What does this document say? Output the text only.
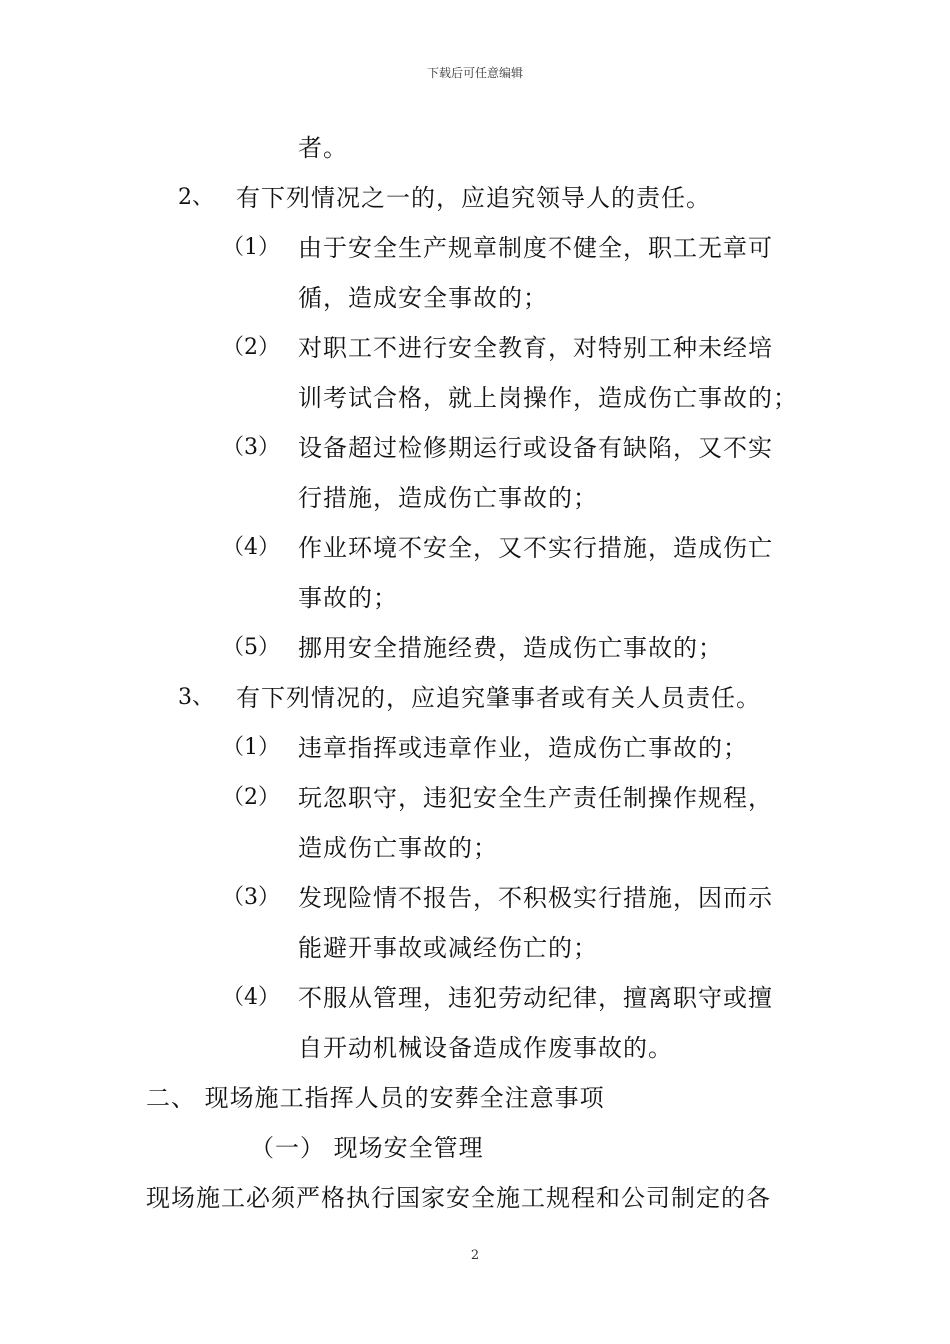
下载后可任意编辑
者。
2、 有下列情况之一的，应追究领导人的责任。
（1） 由于安全生产规章制度不健全，职工无章可
循，造成安全事故的；
（2） 对职工不进行安全教育，对特别工种未经培
训考试合格，就上岗操作，造成伤亡事故的；
（3） 设备超过检修期运行或设备有缺陷，又不实
行措施，造成伤亡事故的；
（4） 作业环境不安全，又不实行措施，造成伤亡
事故的；
（5） 挪用安全措施经费，造成伤亡事故的；
3、 有下列情况的，应追究肇事者或有关人员责任。
（1） 违章指挥或违章作业，造成伤亡事故的；
（2） 玩忽职守，违犯安全生产责任制操作规程，
造成伤亡事故的；
（3） 发现险情不报告，不积极实行措施，因而示
能避开事故或减经伤亡的；
（4） 不服从管理，违犯劳动纪律，擅离职守或擅
自开动机械设备造成作废事故的。
二、 现场施工指挥人员的安葬全注意事项
（一） 现场安全管理
现场施工必须严格执行国家安全施工规程和公司制定的各
2
